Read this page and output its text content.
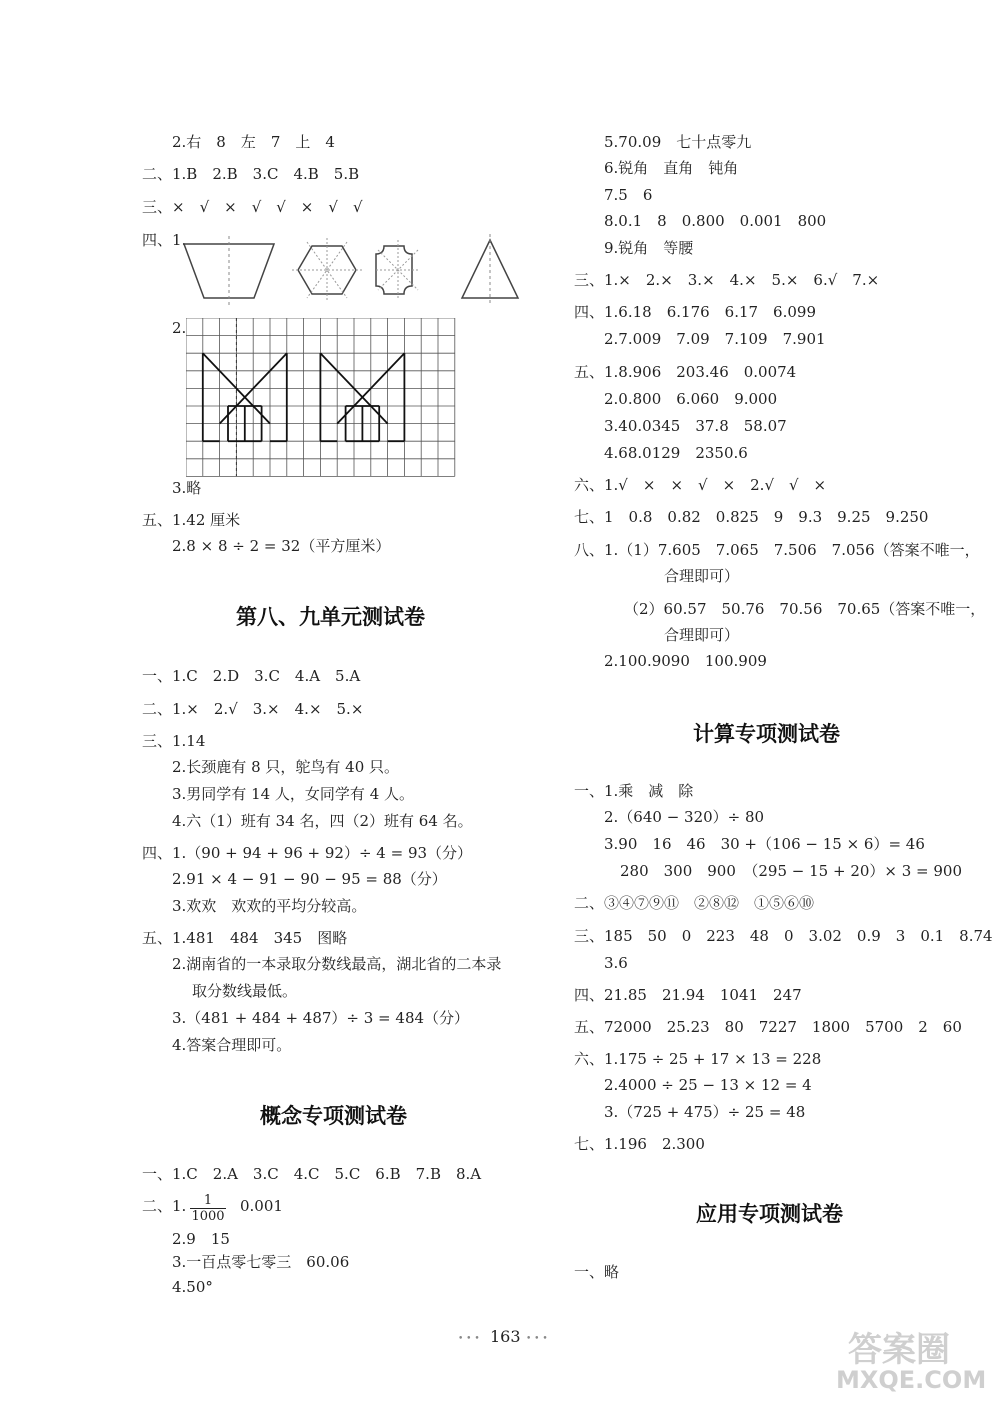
2.右　8　左　7　上　4
二、1.B　2.B　3.C　4.B　5.B
三、×　√　×　√　√　×　√　√
四、1.
2.
3.略
五、1.42 厘米
2.8 × 8 ÷ 2 = 32（平方厘米）
第八、九单元测试卷
一、1.C　2.D　3.C　4.A　5.A
二、1.×　2.√　3.×　4.×　5.×
三、1.14
2.长颈鹿有 8 只，鸵鸟有 40 只。
3.男同学有 14 人，女同学有 4 人。
4.六（1）班有 34 名，四（2）班有 64 名。
四、1.（90 + 94 + 96 + 92）÷ 4 = 93（分）
2.91 × 4 − 91 − 90 − 95 = 88（分）
3.欢欢　欢欢的平均分较高。
五、1.481　484　345　图略
2.湖南省的一本录取分数线最高，湖北省的二本录
取分数线最低。
3.（481 + 484 + 487）÷ 3 = 484（分）
4.答案合理即可。
概念专项测试卷
一、1.C　2.A　3.C　4.C　5.C　6.B　7.B　8.A
二、1.	0.001
2.9　15
3.一百点零七零三　60.06
4.50°
1
1000
5.70.09　七十点零九
6.锐角　直角　钝角
7.5　6
8.0.1　8　0.800　0.001　800
9.锐角　等腰
三、1.×　2.×　3.×　4.×　5.×　6.√　7.×
四、1.6.18　6.176　6.17　6.099
2.7.009　7.09　7.109　7.901
五、1.8.906　203.46　0.0074
2.0.800　6.060　9.000
3.40.0345　37.8　58.07
4.68.0129　2350.6
六、1.√　×　×　√　×　2.√　√　×
七、1　0.8　0.82　0.825　9　9.3　9.25　9.250
八、1.（1）7.605　7.065　7.506　7.056（答案不唯一，
合理即可）
（2）60.57　50.76　70.56　70.65（答案不唯一，
合理即可）
2.100.9090　100.909
计算专项测试卷
一、1.乘　减　除
2.（640 − 320）÷ 80
3.90　16　46　30 +（106 − 15 × 6）= 46
280　300　900　（295 − 15 + 20）× 3 = 900
二、③④⑦⑨⑪　②⑧⑫　①⑤⑥⑩
三、185　50　0　223　48　0　3.02　0.9　3　0.1　8.74
3.6
四、21.85　21.94　1041　247
五、72000　25.23　80　7227　1800　5700　2　60
六、1.175 ÷ 25 + 17 × 13 = 228
2.4000 ÷ 25 − 13 × 12 = 4
3.（725 + 475）÷ 25 = 48
七、1.196　2.300
应用专项测试卷
一、略
• • • 163 • • •	答案圈
MXQE.COM
